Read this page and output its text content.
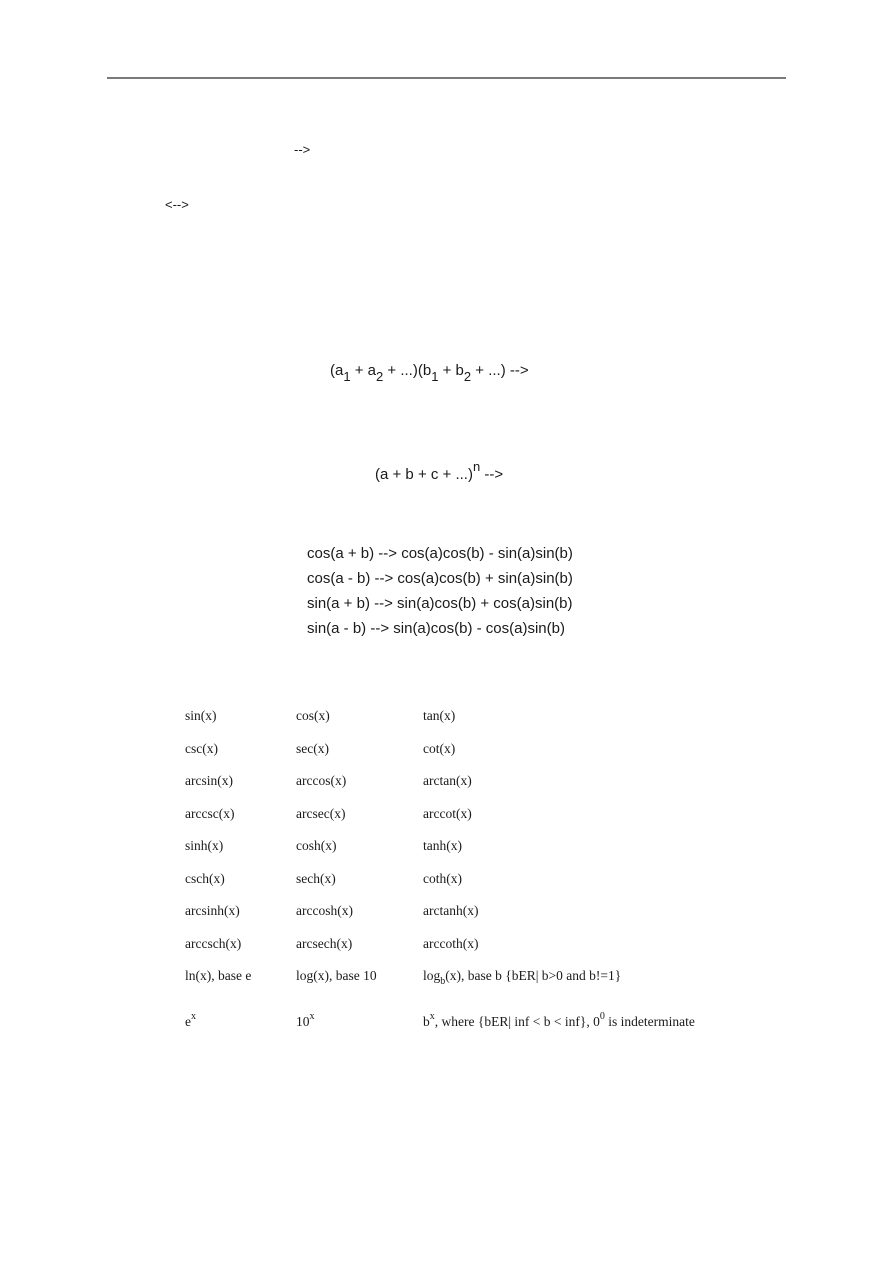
-->
<-->
$(a_1 + a_2 + ...)(b_1 + b_2$ + ...) -->
(a + b + c + ...)$^n$ -->
cos(a + b) --> cos(a)cos(b) - sin(a)sin(b)
cos(a - b) --> cos(a)cos(b) + sin(a)sin(b)
sin(a + b) --> sin(a)cos(b) + cos(a)sin(b)
sin(a - b) --> sin(a)cos(b) - cos(a)sin(b)
sin(x)	cos(x)	tan(x)
csc(x)	sec(x)	cot(x)
arcsin(x)	arccos(x)	arctan(x)
arccsc(x)	arcsec(x)	arccot(x)
sinh(x)	cosh(x)	tanh(x)
csch(x)	sech(x)	coth(x)
arcsinh(x)	arccosh(x)	arctanh(x)
arccsch(x)	arcsech(x)	arccoth(x)
ln(x), base e	log(x), base 10	$\log_b(x)$, base b {bER| b>0 and b!=1}
$e^x$	10$^x$	$b^x$, where {bER| inf < b < inf}, $0^0$ is indeterminate
